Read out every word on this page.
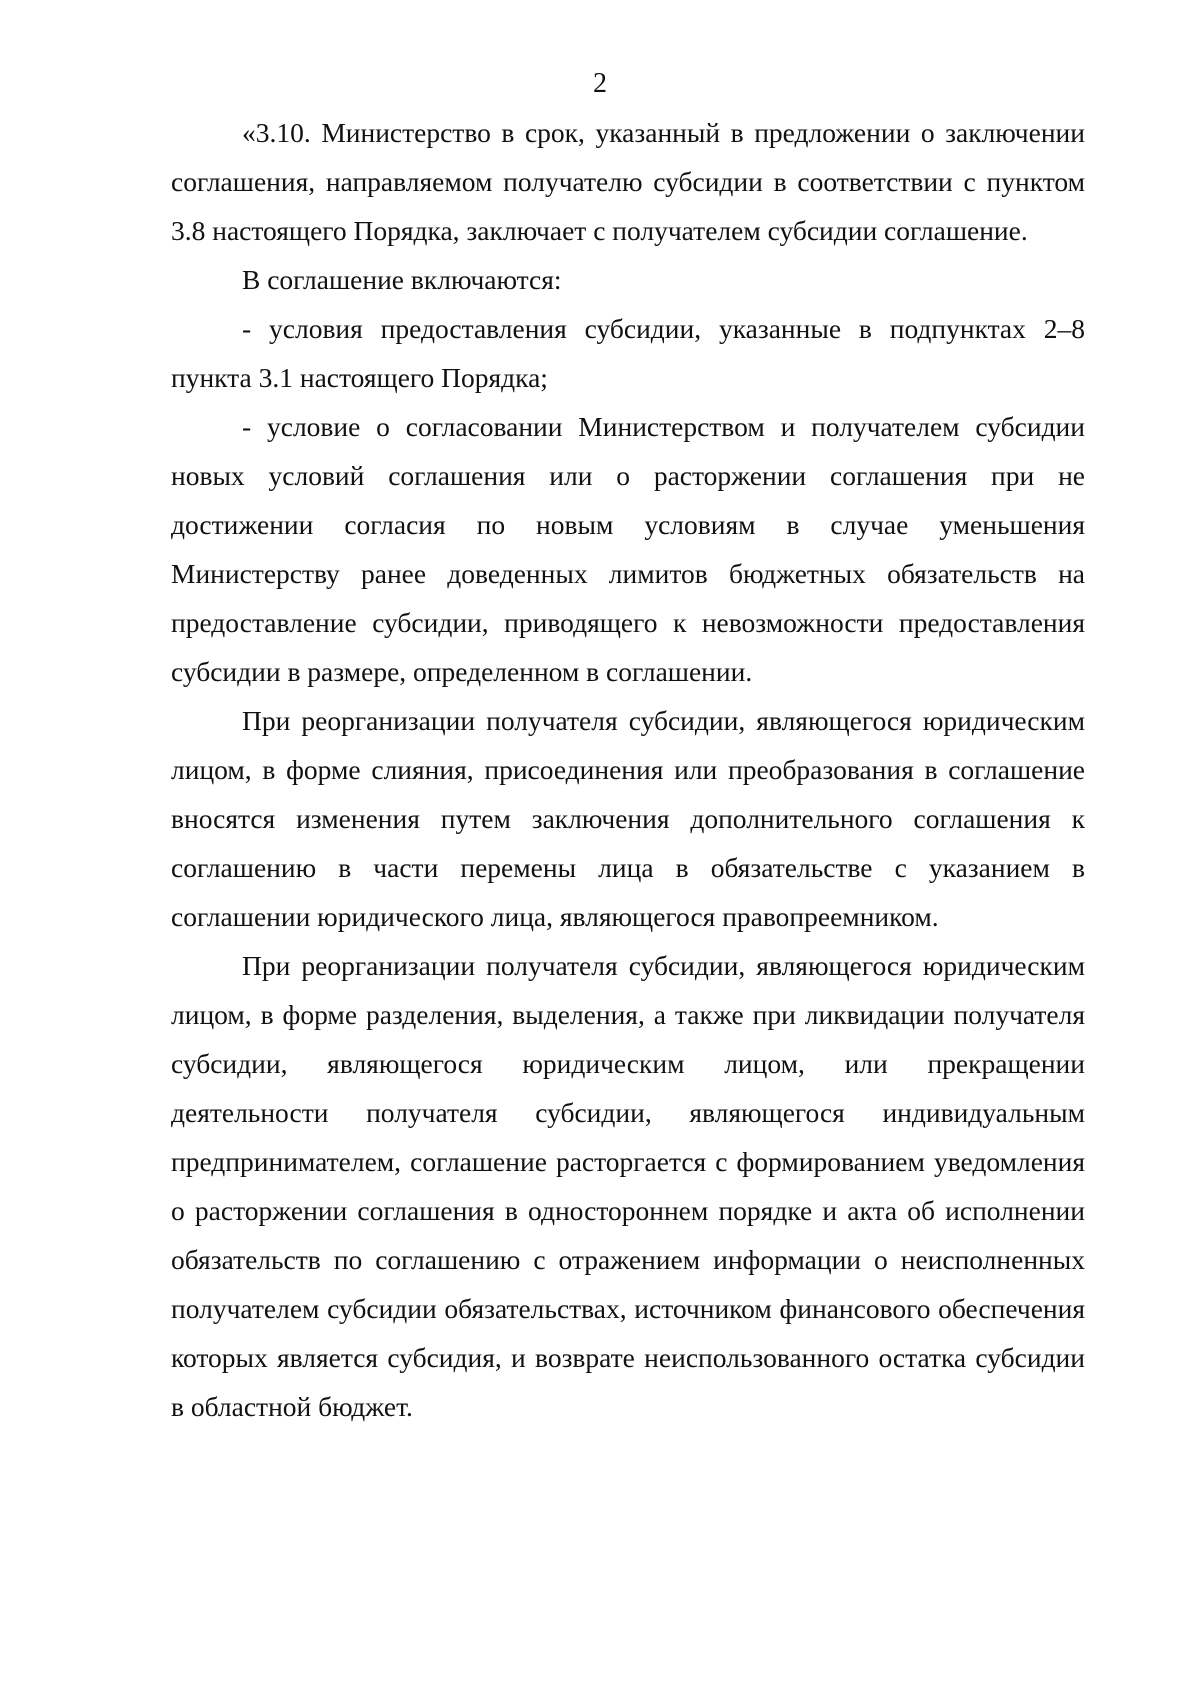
2

«3.10. Министерство в срок, указанный в предложении о заключении соглашения, направляемом получателю субсидии в соответствии с пунктом 3.8 настоящего Порядка, заключает с получателем субсидии соглашение.

В соглашение включаются:

- условия предоставления субсидии, указанные в подпунктах 2–8 пункта 3.1 настоящего Порядка;

- условие о согласовании Министерством и получателем субсидии новых условий соглашения или о расторжении соглашения при не достижении согласия по новым условиям в случае уменьшения Министерству ранее доведенных лимитов бюджетных обязательств на предоставление субсидии, приводящего к невозможности предоставления субсидии в размере, определенном в соглашении.

При реорганизации получателя субсидии, являющегося юридическим лицом, в форме слияния, присоединения или преобразования в соглашение вносятся изменения путем заключения дополнительного соглашения к соглашению в части перемены лица в обязательстве с указанием в соглашении юридического лица, являющегося правопреемником.

При реорганизации получателя субсидии, являющегося юридическим лицом, в форме разделения, выделения, а также при ликвидации получателя субсидии, являющегося юридическим лицом, или прекращении деятельности получателя субсидии, являющегося индивидуальным предпринимателем, соглашение расторгается с формированием уведомления о расторжении соглашения в одностороннем порядке и акта об исполнении обязательств по соглашению с отражением информации о неисполненных получателем субсидии обязательствах, источником финансового обеспечения которых является субсидия, и возврате неиспользованного остатка субсидии в областной бюджет.
